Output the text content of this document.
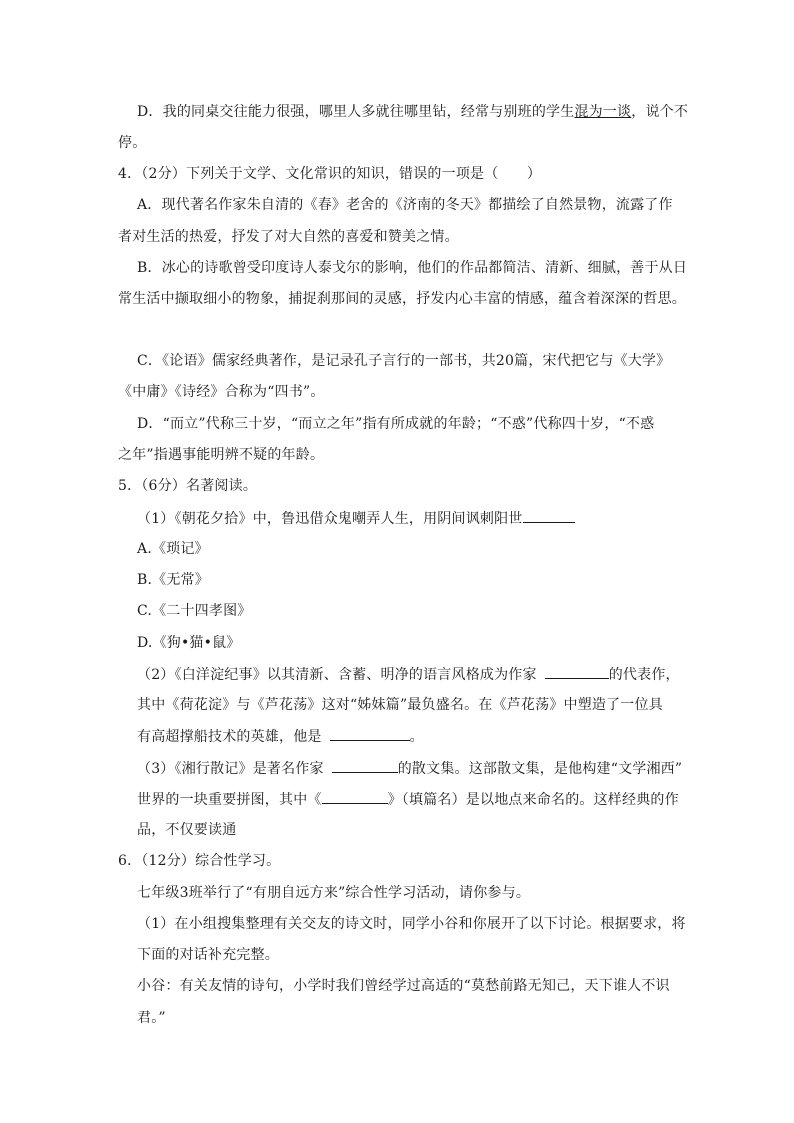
D．我的同桌交往能力很强，哪里人多就往哪里钻，经常与别班的学生混为一谈，说个不
停。
4．（2分）下列关于文学、文化常识的知识，错误的一项是（　　）
A．现代著名作家朱自清的《春》老舍的《济南的冬天》都描绘了自然景物，流露了作
者对生活的热爱，抒发了对大自然的喜爱和赞美之情。
B．冰心的诗歌曾受印度诗人泰戈尔的影响，他们的作品都简洁、清新、细腻，善于从日
常生活中撷取细小的物象，捕捉刹那间的灵感，抒发内心丰富的情感，蕴含着深深的哲思。
C．《论语》儒家经典著作，是记录孔子言行的一部书，共20篇，宋代把它与《大学》
《中庸》《诗经》合称为“四书”。
D．“而立”代称三十岁，“而立之年”指有所成就的年龄；“不惑”代称四十岁，“不惑
之年”指遇事能明辨不疑的年龄。
5．（6分）名著阅读。
（1）《朝花夕拾》中，鲁迅借众鬼嘲弄人生，用阴间讽刺阳世
A.《琐记》
B.《无常》
C.《二十四孝图》
D.《狗•猫•鼠》
（2）《白洋淀纪事》以其清新、含蓄、明净的语言风格成为作家	的代表作，
其中《荷花淀》与《芦花荡》这对“姊妹篇”最负盛名。在《芦花荡》中塑造了一位具
有高超撑船技术的英雄，他是	。
（3）《湘行散记》是著名作家	的散文集。这部散文集，是他构建“文学湘西”
世界的一块重要拼图，其中《	》（填篇名）是以地点来命名的。这样经典的作
品，不仅要读通
6．（12分）综合性学习。
七年级3班举行了“有朋自远方来”综合性学习活动，请你参与。
（1）在小组搜集整理有关交友的诗文时，同学小谷和你展开了以下讨论。根据要求，将
下面的对话补充完整。
小谷：有关友情的诗句，小学时我们曾经学过高适的“莫愁前路无知己，天下谁人不识
君。”
